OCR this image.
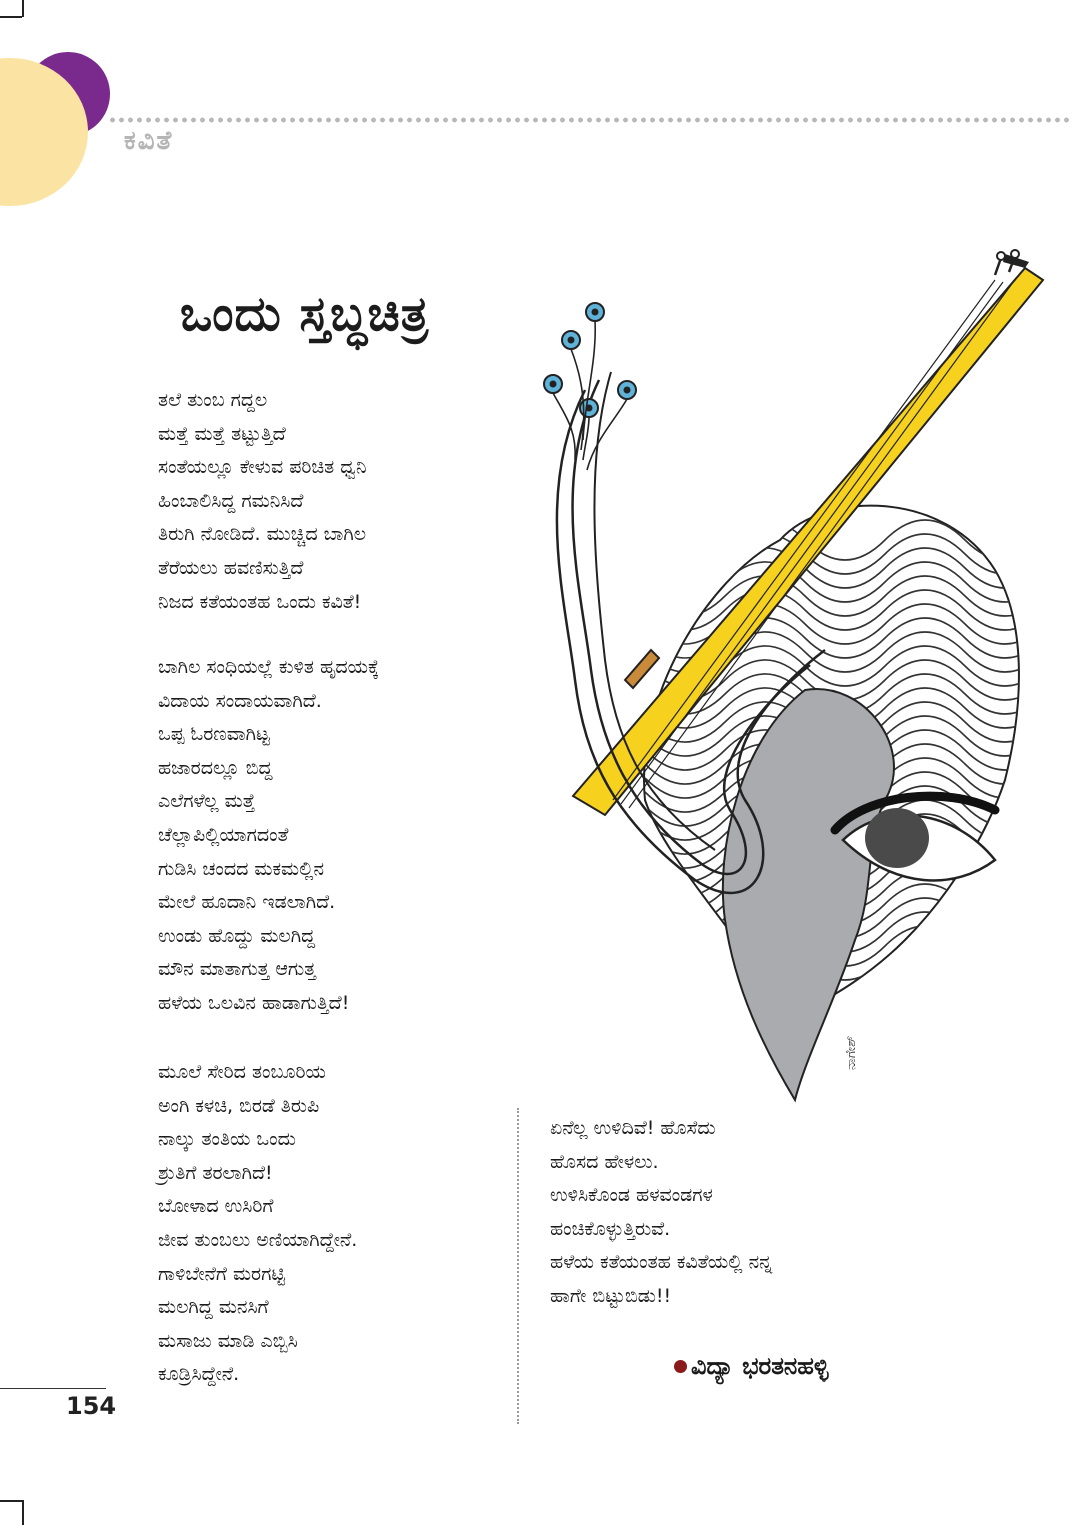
ಕವಿತೆ
ಒಂದು ಸ್ತಬ್ಧಚಿತ್ರ
ತಲೆ ತುಂಬ ಗದ್ದಲ
ಮತ್ತೆ ಮತ್ತೆ ತಟ್ಟುತ್ತಿದೆ
ಸಂತೆಯಲ್ಲೂ ಕೇಳುವ ಪರಿಚಿತ ಧ್ವನಿ
ಹಿಂಬಾಲಿಸಿದ್ದ ಗಮನಿಸಿದೆ
ತಿರುಗಿ ನೋಡಿದೆ. ಮುಚ್ಚಿದ ಬಾಗಿಲ
ತೆರೆಯಲು ಹವಣಿಸುತ್ತಿದೆ
ನಿಜದ ಕತೆಯಂತಹ ಒಂದು ಕವಿತೆ!
ಬಾಗಿಲ ಸಂಧಿಯಲ್ಲೆ ಕುಳಿತ ಹೃದಯಕ್ಕೆ
ವಿದಾಯ ಸಂದಾಯವಾಗಿದೆ.
ಒಪ್ಪ ಓರಣವಾಗಿಟ್ಟ
ಹಜಾರದಲ್ಲೂ ಬಿದ್ದ
ಎಲೆಗಳೆಲ್ಲ ಮತ್ತೆ
ಚೆಲ್ಲಾಪಿಲ್ಲಿಯಾಗದಂತೆ
ಗುಡಿಸಿ ಚಂದದ ಮಕಮಲ್ಲಿನ
ಮೇಲೆ ಹೂದಾನಿ ಇಡಲಾಗಿದೆ.
ಉಂಡು ಹೊದ್ದು ಮಲಗಿದ್ದ
ಮೌನ ಮಾತಾಗುತ್ತ ಆಗುತ್ತ
ಹಳೆಯ ಒಲವಿನ ಹಾಡಾಗುತ್ತಿದೆ!
ಮೂಲೆ ಸೇರಿದ ತಂಬೂರಿಯ
ಅಂಗಿ ಕಳಚಿ, ಬಿರಡೆ ತಿರುಪಿ
ನಾಲ್ಕು ತಂತಿಯ ಒಂದು
ಶ್ರುತಿಗೆ ತರಲಾಗಿದೆ!
ಬೋಳಾದ ಉಸಿರಿಗೆ
ಜೀವ ತುಂಬಲು ಅಣಿಯಾಗಿದ್ದೇನೆ.
ಗಾಳಿಬೇನೆಗೆ ಮರಗಟ್ಟಿ
ಮಲಗಿದ್ದ ಮನಸಿಗೆ
ಮಸಾಜು ಮಾಡಿ ಎಬ್ಬಿಸಿ
ಕೂಡ್ರಿಸಿದ್ದೇನೆ.
ಏನೆಲ್ಲ ಉಳಿದಿವೆ! ಹೊಸೆದು
ಹೊಸದ ಹೇಳಲು.
ಉಳಿಸಿಕೊಂಡ ಹಳವಂಡಗಳ
ಹಂಚಿಕೊಳ್ಳುತ್ತಿರುವೆ.
ಹಳೆಯ ಕತೆಯಂತಹ ಕವಿತೆಯಲ್ಲಿ ನನ್ನ
ಹಾಗೇ ಬಿಟ್ಟುಬಿಡು!!
ವಿದ್ಯಾ ಭರತನಹಳ್ಳಿ
154
ನಾಗೇಶ್
